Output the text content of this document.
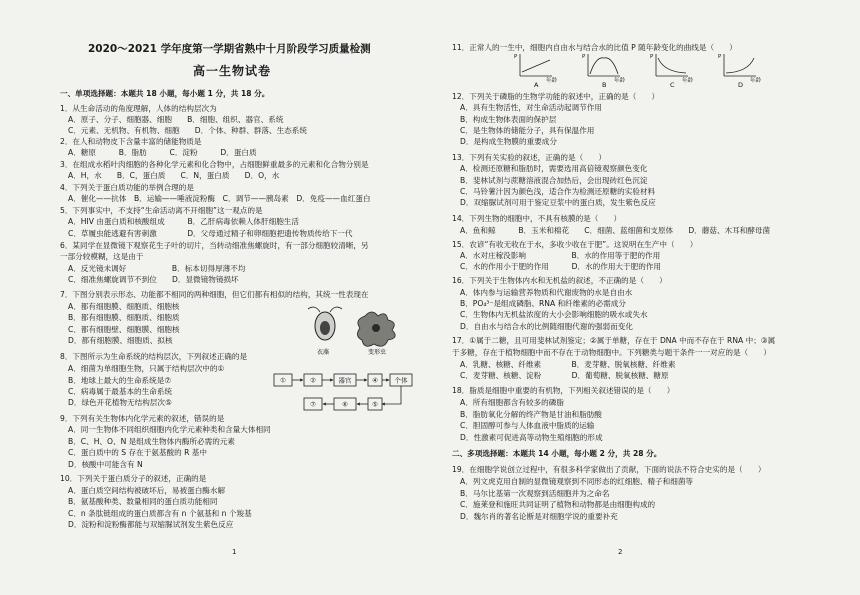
2020～2021 学年度第一学期省熟中十月阶段学习质量检测
高一生物试卷
一、单项选择题：本题共 18 小题，每小题 1 分，共 18 分。
1．从生命活动的角度理解，人体的结构层次为
A．原子、分子、细胞器、细胞　　B．细胞、组织、器官、系统
C．元素、无机物、有机物、细胞　　D．个体、种群、群落、生态系统
2．在人和动物皮下含量丰富的储能物质是
A．糖原　　　B．脂肪　　　C．淀粉　　　D．蛋白质
3．在组成水稻叶肉细胞的各种化学元素和化合物中，占细胞鲜重最多的元素和化合物分别是
A．H，水　　B．C，蛋白质　　C．N，蛋白质　　D．O，水
4．下列关于蛋白质功能的举例合理的是
A．催化——抗体　B．运输——唾液淀粉酶　C．调节——胰岛素　D．免疫——血红蛋白
5．下列事实中，不支持“生命活动离不开细胞”这一观点的是
A．HIV 由蛋白质和核酸组成　　　B．乙肝病毒依赖人体肝细胞生活
C．草履虫能逃避有害刺激　　　　D．父母通过精子和卵细胞把遗传物质传给下一代
6．某同学在显微镜下观察花生子叶的切片，当转动细准焦螺旋时，有一部分细胞较清晰，另
一部分较模糊，这是由于
A．反光镜未调好　　　　　　B．标本切得厚薄不均
C．细准焦螺旋调节不到位　　D．显微镜物镜损坏
7．下图分别表示形态、功能都不相同的两种细胞，但它们都有相似的结构，其统一性表现在
A．都有细胞膜、细胞质、细胞核
B．都有细胞膜、细胞质、细胞质
C．都有细胞壁、细胞膜、细胞核
D．都有细胞膜、细胞质、拟核
8．下图所示为生命系统的结构层次，下列叙述正确的是
A．细菌为单细胞生物，只属于结构层次中的①
B．地球上最大的生命系统是⑦
C．病毒属于最基本的生命系统
D．绿色开花植物无结构层次⑤
9．下列有关生物体内化学元素的叙述，错误的是
A．同一生物体不同组织细胞内化学元素种类和含量大体相同
B．C、H、O、N 是组成生物体内酶所必需的元素
C．蛋白质中的 S 存在于氨基酸的 R 基中
D．核酸中可能含有 N
10．下列关于蛋白质分子的叙述，正确的是
A．蛋白质空间结构被破坏后，易被蛋白酶水解
B．氨基酸种类、数量相同的蛋白质功能相同
C．n 条肽链组成的蛋白质都含有 n 个氨基和 n 个羧基
D．淀粉和淀粉酶都能与双缩脲试剂发生紫色反应
衣藻	变形虫
①	②	器官	④	个体
⑦	⑥	⑤
1
11．正常人的一生中，细胞内自由水与结合水的比值 P 随年龄变化的曲线是（　　）
12．下列关于磷脂的生物学功能的叙述中，正确的是（　　）
A．具有生物活性，对生命活动起调节作用
B．构成生物体表面的保护层
C．是生物体的储能分子，具有保温作用
D．是构成生物膜的重要成分
13．下列有关实验的叙述，正确的是（　　）
A．检测还原糖和脂肪时，需要选用高倍镜观察颜色变化
B．斐林试剂与蔗糖溶液混合加热后，会出现砖红色沉淀
C．马铃薯汁因为颜色浅，适合作为检测还原糖的实验材料
D．双缩脲试剂可用于鉴定豆浆中的蛋白质，发生紫色反应
14．下列生物的细胞中，不具有核膜的是（　　）
A．鱼和鲸　　　B．玉米和棉花　　C．细菌、蓝细菌和支原体　　D．蘑菇、木耳和酵母菌
15．农谚“有收无收在于水，多收少收在于肥”。这说明在生产中（　　）
A．水对庄稼没影响　　　　　　B．水的作用等于肥的作用
C．水的作用小于肥的作用　　　D．水的作用大于肥的作用
16．下列关于生物体内水和无机盐的叙述，不正确的是（　　）
A．体内参与运输营养物质和代谢废物的水是自由水
B．PO₄³⁻是组成磷脂、RNA 和纤维素的必需成分
C．生物体内无机盐浓度的大小会影响细胞的吸水或失水
D．自由水与结合水的比例随细胞代谢的强弱而变化
17．①属于二糖，且可用斐林试剂鉴定；②属于单糖，存在于 DNA 中而不存在于 RNA 中；③属
于多糖，存在于植物细胞中而不存在于动物细胞中。下列糖类与题干条件一一对应的是（　　）
A．乳糖、核糖、纤维素　　　　B．麦芽糖、脱氧核糖、纤维素
C．麦芽糖、核糖、淀粉　　　　D．葡萄糖、脱氧核糖、糖原
18．脂质是细胞中重要的有机物，下列相关叙述错误的是（　　）
A．所有细胞都含有较多的磷脂
B．脂肪氧化分解的终产物是甘油和脂肪酸
C．胆固醇可参与人体血液中脂质的运输
D．性激素可促进高等动物生殖细胞的形成
二、多项选择题：本题共 14 小题，每小题 2 分，共 28 分。
19．在细胞学说创立过程中，有很多科学家做出了贡献，下面的说法不符合史实的是（　　）
A．列文虎克用自制的显微镜观察到不同形态的红细胞、精子和细菌等
B．马尔比基第一次观察到活细胞并为之命名
C．施莱登和施旺共同证明了植物和动物都是由细胞构成的
D．魏尔肖的著名论断是对细胞学说的重要补充
P	P	P	P
年龄	年龄	年龄	年龄
A	B	C	D
2
